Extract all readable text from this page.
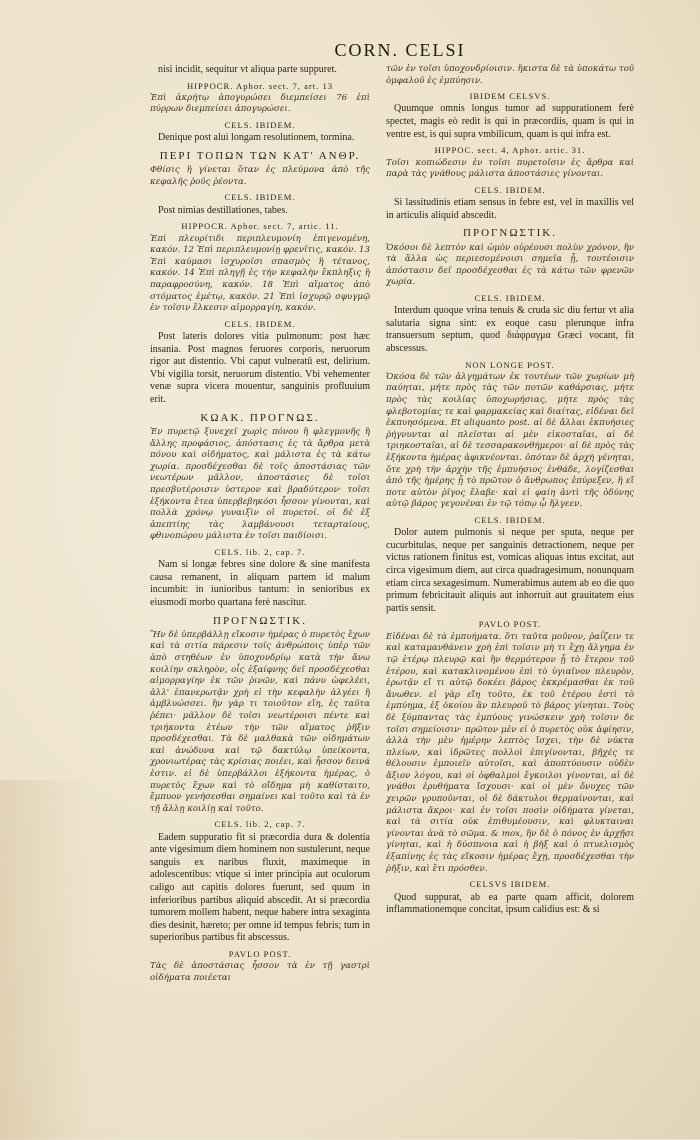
CORN. CELSI

nisi incidit, sequitur vt aliqua parte suppuret.

HIPPOCR. Aphor. sect. 7, art. 13

Ἐπὶ ἀκρήτῳ ἀπογυρώσει διεμπείσει 76 ἐπὶ πύρρων διεμπείσει ἀπογυρώσει.

CELS. IBIDEM.

Denique post aluì longam resolutionem, tormina.

ΠΕΡΙ ΤΟΠΩΝ ΤΩΝ ΚΑΤ' ΑΝΘΡ.

Φθίσις ἢ γίνεται ὅταν ἐς πλεύμονα ἀπὸ τῆς κεφαλῆς ῥοῦς ῥέοντα.

CELS. IBIDEM.

Post nimias destillationes, tabes.

HIPPOCR. Aphor. sect. 7, artic. 11.

Ἐπὶ πλευρίτιδι περιπλευμονίη ἐπιγενομένη, κακόν. 12 Ἐπὶ περιπλευμονίῃ φρενῖτις, κακόν. 13 Ἐπὶ καύμασι ἰσχυροῖσι σπασμὸς ἢ τέτανος, κακόν. 14 Ἐπὶ πληγῇ ἐς τὴν κεφαλὴν ἔκπληξις ἢ παραφροσύνη, κακόν. 18 Ἐπὶ αἵματος ἀπὸ στόματος ἐμέτῳ, κακόν. 21 Ἐπὶ ἰσχυρῷ σφυγμῷ ἐν τοῖσιν ἕλκεσιν αἱμορραγίη, κακόν.

CELS. IBIDEM.

Post lateris dolores vitia pulmonum: post hæc insania. Post magnos feruores corporis, neruorum rigor aut distentio. Vbi caput vulneratū est, delirium. Vbi vigilia torsit, neruorum distentio. Vbi vehementer venæ supra vicera mouentur, sanguinis profluuium erit.

ΚΩΑΚ. ΠΡΟΓΝΩΣ.

Ἐν πυρετῷ ξυνεχεῖ χωρὶς πόνου ἢ φλεγμονῆς ἢ ἄλλης προφάσιος, ἀπόστασις ἐς τὰ ἄρθρα μετὰ πόνου καὶ οἰδήματος, καὶ μάλιστα ἐς τὰ κάτω χωρία. προσδέχεσθαι δὲ τοῖς ἀποστάσιας τῶν νεωτέρων μᾶλλον, ἀποστάσιες δὲ τοῖσι πρεσβυτέροισιν ὑστερον καὶ βραδύτερον· τοῖσι ἑξήκοντα ἔτεα ὑπερβεβηκόσι ἧσσον γίνονται, καὶ πολλὰ χρόνῳ γυναιξὶν οἱ πυρετοί. οἱ δὲ ἐξ ἀπεπτίης τὰς λαμβάνουσι τεταρταίους, φθινοπώρου μάλιστα ἐν τοῖσι παιδίοισι.

CELS. lib. 2, cap. 7.

Nam si longæ febres sine dolore & sine manifesta causa remanent, in aliquam partem id malum incumbit: in iunioribus tantum: in senioribus ex eiusmodi morbo quartana ferè nascitur.

ΠΡΟΓΝΩΣΤΙΚ.

Ἢν δὲ ὑπερβάλλῃ εἴκοσιν ἡμέρας ὁ πυρετὸς ἔχων καὶ τὰ σιτία πάρεσιν τοῖς ἀνθρώποις ὑπὲρ τῶν ἀπὸ στηθέων ἐν ὑποχονδρίῳ κατὰ τὴν ἄνω κοιλίην σκληρὸν, οἷς ἐξαίφνης δεῖ προσδέχεσθαι αἱμορραγίην ἐκ τῶν ῥινῶν, καὶ πάνυ ὠφελέει, ἀλλ' ἐπανερωτᾷν χρὴ εἰ τὴν κεφαλὴν ἀλγέει ἢ ἀμβλυώσσει. ἢν γὰρ τι τοιοῦτον εἴη, ἐς ταῦτα ῥέπει· μᾶλλον δὲ τοῖσι νεωτέροισι πέντε καὶ τριήκοντα ἐτέων τὴν τῶν αἵματος ῥῆξιν προσδέχεσθαι. Τὰ δὲ μαλθακὰ τῶν οἰδημάτων καὶ ἀνώδυνα καὶ τῷ δακτύλῳ ὑπείκοντα, χρονιωτέρας τὰς κρίσιας ποιέει, καὶ ἧσσον δεινά ἐστιν. εἰ δὲ ὑπερβάλλοι ἑξήκοντα ἡμέρας, ὁ πυρετὸς ἔχων καὶ τὸ οἴδημα μὴ καθίσταιτο, ἔμπυον γενήσεσθαι σημαίνει καὶ τοῦτο καὶ τὰ ἐν τῇ ἄλλῃ κοιλίῃ καὶ τοῦτο.

CELS. lib. 2, cap. 7.

Eadem suppuratio fit si præcordia dura & dolentia ante vigesimum diem hominem non sustulerunt, neque sanguis ex naribus fluxit, maximeque in adolescentibus: vtique si inter principia aut oculorum caligo aut capitis dolores fuerunt, sed quum in inferioribus partibus aliquid abscedit. At si præcordia tumorem mollem habent, neque habere intra sexaginta dies desinit, hæreto; per omne id tempus febris; tum in superioribus partibus fit abscessus.

PAVLO POST.

Τὰς δὲ ἀποστάσιας ἧσσον τὰ ἐν τῇ γαστρὶ οἰδήματα ποιέεται

τῶν ἐν τοῖσι ὑποχονδρίοισιν. ἥκιστα δὲ τὰ ὑποκάτω τοῦ ὀμφαλοῦ ἐς ἐμπύησιν.

IBIDEM CELSVS.

Quumque omnis longus tumor ad suppurationem ferè spectet, magis eò redit is qui in præcordiis, quam is qui in ventre est, is qui supra vmbilicum, quam is qui infra est.

HIPPOC. sect. 4, Aphor. artic. 31.

Τοῖσι κοπιώδεσιν ἐν τοῖσι πυρετοῖσιν ἐς ἄρθρα καὶ παρὰ τὰς γνάθους μάλιστα ἀποστάσιες γίνονται.

CELS. IBIDEM.

Si lassitudinis etiam sensus in febre est, vel in maxillis vel in articulis aliquid abscedit.

ΠΡΟΓΝΩΣΤΙΚ.

Ὁκόσοι δὲ λεπτὸν καὶ ὠμὸν οὐρέουσι πολὺν χρόνον, ἢν τὰ ἄλλα ὡς περιεσομένοισι σημεῖα ᾖ, τουτέοισιν ἀπόστασιν δεῖ προσδέχεσθαι ἐς τὰ κάτω τῶν φρενῶν χωρία.

CELS. IBIDEM.

Interdum quoque vrina tenuis & cruda sic diu fertur vt alia salutaria signa sint: ex eoque casu plerunque infra transuersum septum, quod διάφραγμα Græci vocant, fit abscessus.

NON LONGE POST.

Ὁκόσα δὲ τῶν ἀλγημάτων ἐκ τουτέων τῶν χωρίων μὴ παύηται, μήτε πρὸς τὰς τῶν ποτῶν καθάρσιας, μήτε πρὸς τὰς κοιλίας ὑποχωρήσιας, μήτε πρὸς τὰς φλεβοτομίας τε καὶ φαρμακείας καὶ διαίτας, εἰδέναι δεῖ ἐκπυησόμενα. Et aliquanto post. αἱ δὲ ἄλλαι ἐκπυήσιες ῥήγνυνται αἱ πλεῖσται αἱ μὲν εἰκοσταῖαι, αἱ δὲ τριηκοσταῖαι, αἱ δὲ τεσσαρακονθήμεροι· αἱ δὲ πρὸς τὰς ἑξήκοντα ἡμέρας ἀφικνέονται. ὁπόταν δὲ ἀρχὴ γένηται, ὅτε χρὴ τὴν ἀρχὴν τῆς ἐμπυήσιος ἐνθάδε, λογίζεσθαι ἀπὸ τῆς ἡμέρης ᾗ τὸ πρῶτον ὁ ἄνθρωπος ἐπύρεξεν, ἢ εἴ ποτε αὐτὸν ῥῖγος ἔλαβε· καὶ εἰ φαίη ἀντὶ τῆς ὀδύνης αὐτῷ βάρος γεγονέναι ἐν τῷ τόπῳ ᾧ ἤλγεεν.

CELS. IBIDEM.

Dolor autem pulmonis si neque per sputa, neque per cucurbitulas, neque per sanguinis detractionem, neque per victus rationem finitus est, vomicas aliquas intus excitat, aut circa vigesimum diem, aut circa quadragesimum, nonunquam etiam circa sexagesimum. Numerabimus autem ab eo die quo primum febricitauit aliquis aut inhorruit aut grauitatem eius partis sensit.

PAVLO POST.

Εἰδέναι δὲ τὰ ἐμπυήματα. ὅτι ταῦτα μοῦνον, ῥαΐζειν τε καὶ καταμανθάνειν χρὴ ἐπὶ τοῖσιν μὴ τι ἔχῃ ἄλγημα ἐν τῷ ἑτέρῳ πλευρῷ καὶ ἢν θερμότερον ᾖ τὸ ἕτερον τοῦ ἑτέρου, καὶ κατακλινομένου ἐπὶ τὸ ὑγιαῖνον πλευρὸν, ἐρωτᾷν εἴ τι αὐτῷ δοκέει βάρος ἐκκρέμασθαι ἐκ τοῦ ἄνωθεν. εἰ γὰρ εἴη τοῦτο, ἐκ τοῦ ἑτέρου ἐστὶ τὸ ἐμπύημα, ἐξ ὁκοίου ἂν πλευροῦ τὸ βάρος γίνηται. Τοὺς δὲ ξύμπαντας τὰς ἐμπύους γινώσκειν χρὴ τοῖσιν δε τοῖσι σημείοισιν· πρῶτον μὲν εἰ ὁ πυρετὸς οὐκ ἀφίησιν, ἀλλὰ τὴν μὲν ἡμέρην λεπτὸς ἴσχει, τὴν δὲ νύκτα πλείων, καὶ ἱδρῶτες πολλοὶ ἐπιγίνονται, βῆχές τε θέλουσιν ἐμποιεῖν αὐτοῖσι, καὶ ἀποπτύουσιν οὐδὲν ἄξιον λόγου, καὶ οἱ ὀφθαλμοὶ ἔγκοιλοι γίνονται, αἱ δὲ γνάθοι ἐρυθήματα ἴσχουσι· καὶ οἱ μὲν ὄνυχες τῶν χειρῶν γρυποῦνται, οἱ δὲ δάκτυλοι θερμαίνονται, καὶ μάλιστα ἄκροι· καὶ ἐν τοῖσι ποσὶν οἰδήματα γίνεται, καὶ τὰ σιτία οὐκ ἐπιθυμέουσιν, καὶ φλυκταιναι γίνονται ἀνὰ τὸ σῶμα. & mox, ἢν δὲ ὁ πόνος ἐν ἀρχῇσι γίνηται, καὶ ἡ δύσπνοια καὶ ἡ βὴξ καὶ ὁ πτυελισμὸς ἐξαπίνης ἐς τὰς εἴκοσιν ἡμέρας ἔχῃ, προσδέχεσθαι τὴν ῥῆξιν, καὶ ἔτι πρόσθεν.

CELSVS IBIDEM.

Quod suppurat, ab ea parte quam afficit, dolorem inflammationemque concitat, ipsum calidius est: & si
